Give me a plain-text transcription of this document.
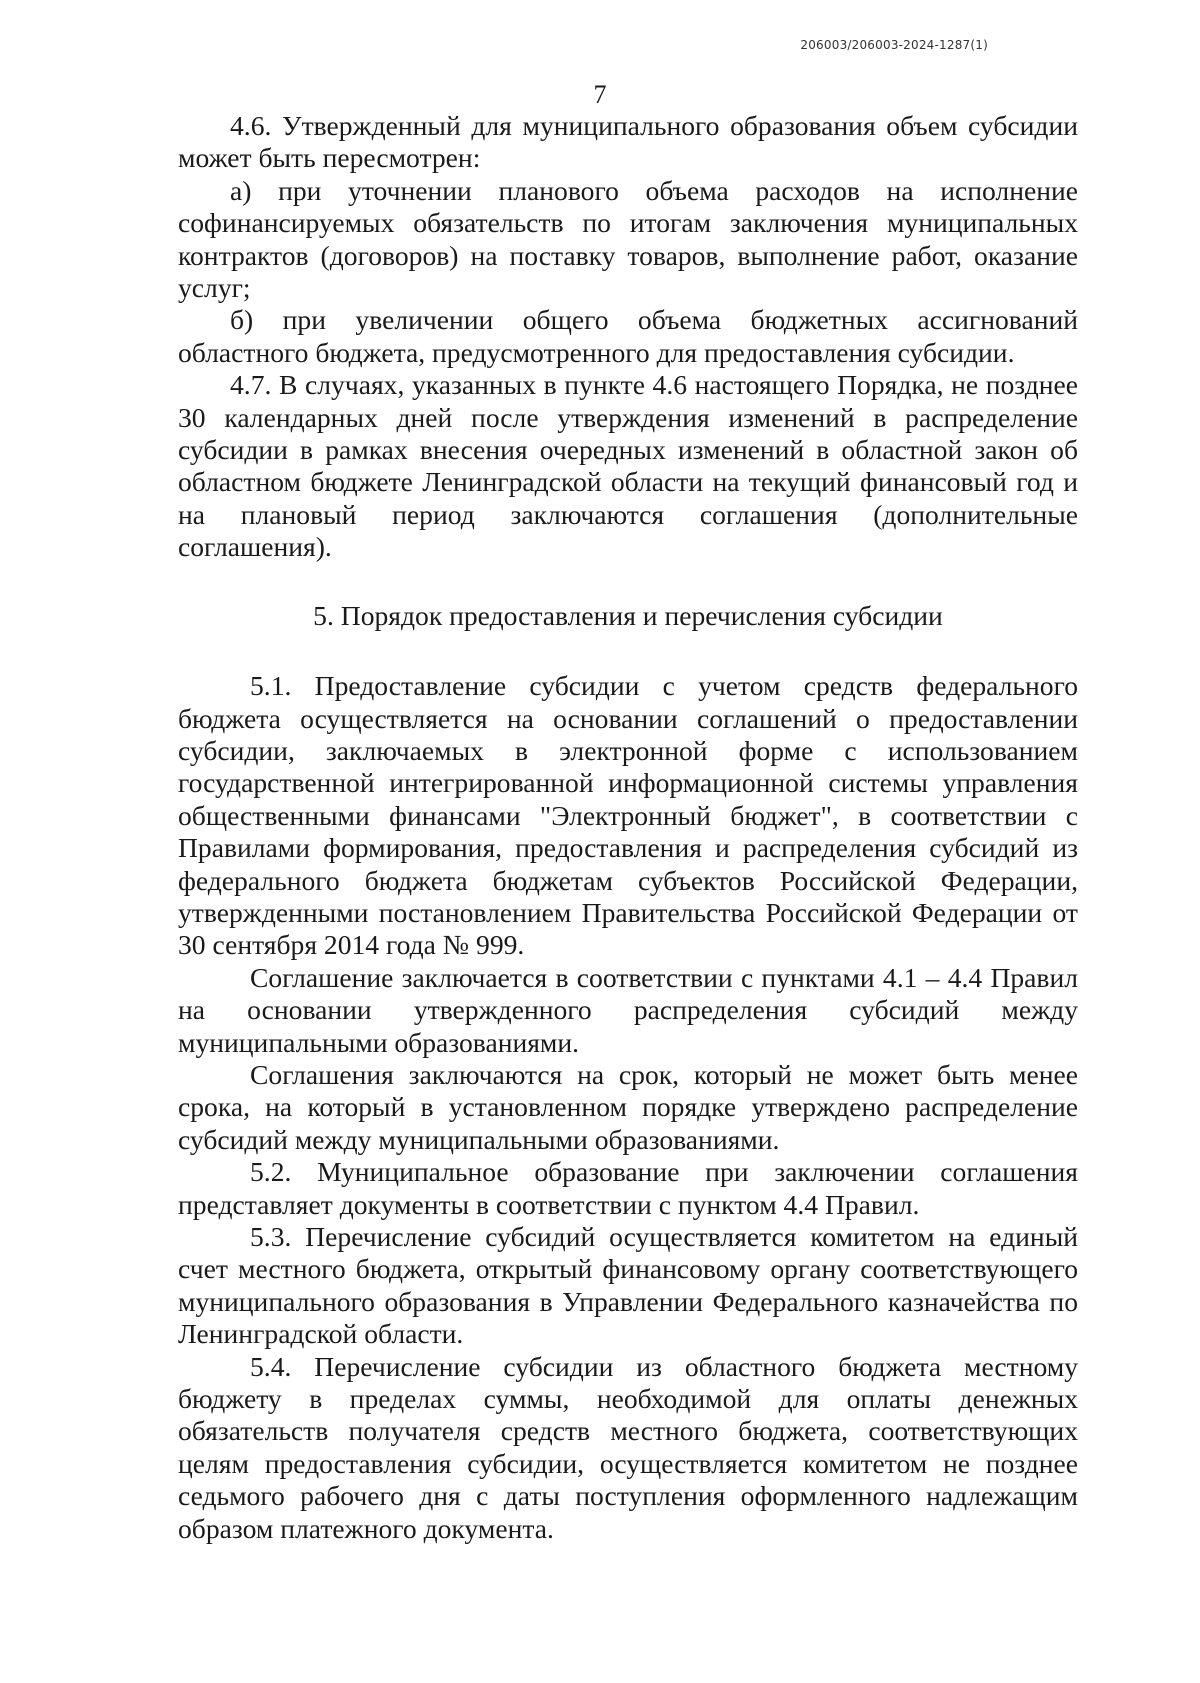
206003/206003-2024-1287(1)
7

4.6. Утвержденный для муниципального образования объем субсидии может быть пересмотрен:

а) при уточнении планового объема расходов на исполнение софинансируемых обязательств по итогам заключения муниципальных контрактов (договоров) на поставку товаров, выполнение работ, оказание услуг;

б) при увеличении общего объема бюджетных ассигнований областного бюджета, предусмотренного для предоставления субсидии.

4.7. В случаях, указанных в пункте 4.6 настоящего Порядка, не позднее 30 календарных дней после утверждения изменений в распределение субсидии в рамках внесения очередных изменений в областной закон об областном бюджете Ленинградской области на текущий финансовый год и на плановый период заключаются соглашения (дополнительные соглашения).

5. Порядок предоставления и перечисления субсидии

5.1. Предоставление субсидии с учетом средств федерального бюджета осуществляется на основании соглашений о предоставлении субсидии, заключаемых в электронной форме с использованием государственной интегрированной информационной системы управления общественными финансами "Электронный бюджет", в соответствии с Правилами формирования, предоставления и распределения субсидий из федерального бюджета бюджетам субъектов Российской Федерации, утвержденными постановлением Правительства Российской Федерации от 30 сентября 2014 года № 999.

Соглашение заключается в соответствии с пунктами 4.1 – 4.4 Правил на основании утвержденного распределения субсидий между муниципальными образованиями.

Соглашения заключаются на срок, который не может быть менее срока, на который в установленном порядке утверждено распределение субсидий между муниципальными образованиями.

5.2. Муниципальное образование при заключении соглашения представляет документы в соответствии с пунктом 4.4 Правил.

5.3. Перечисление субсидий осуществляется комитетом на единый счет местного бюджета, открытый финансовому органу соответствующего муниципального образования в Управлении Федерального казначейства по Ленинградской области.

5.4. Перечисление субсидии из областного бюджета местному бюджету в пределах суммы, необходимой для оплаты денежных обязательств получателя средств местного бюджета, соответствующих целям предоставления субсидии, осуществляется комитетом не позднее седьмого рабочего дня с даты поступления оформленного надлежащим образом платежного документа.
